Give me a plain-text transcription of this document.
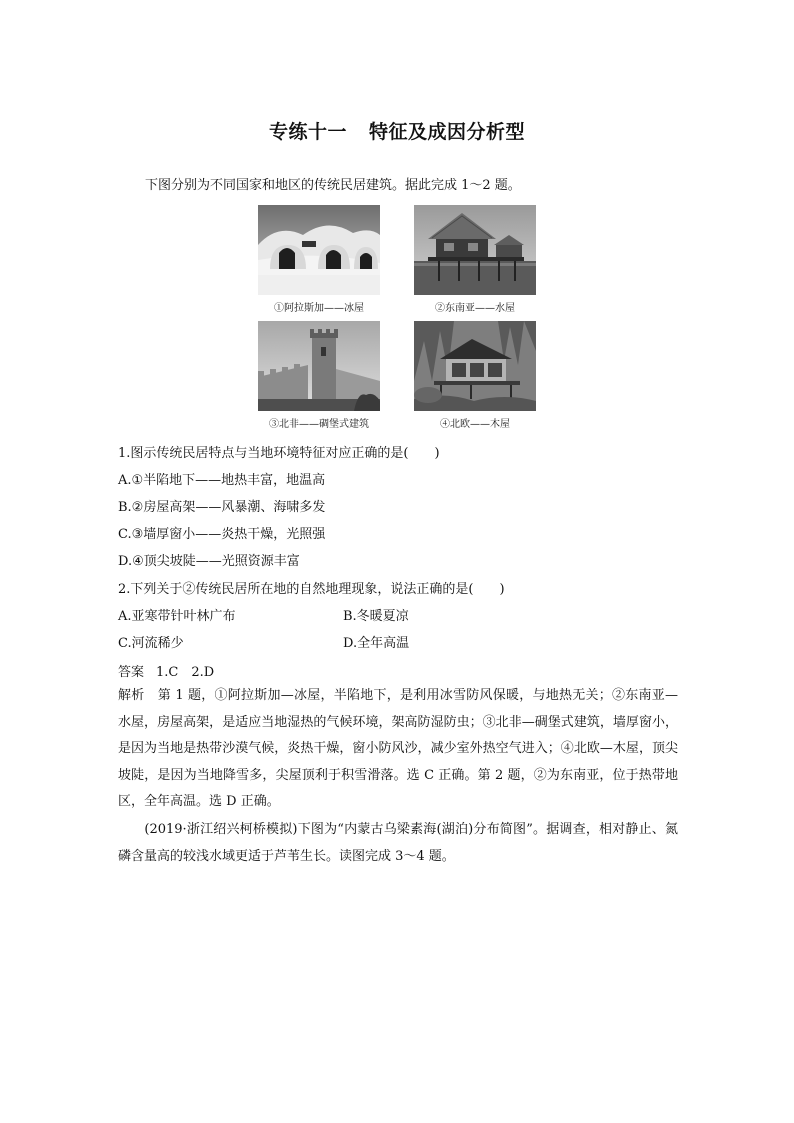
专练十一 特征及成因分析型
下图分别为不同国家和地区的传统民居建筑。据此完成 1～2 题。
①阿拉斯加——冰屋	②东南亚——水屋
③北非——碉堡式建筑	④北欧——木屋
1.图示传统民居特点与当地环境特征对应正确的是(　　)
A.①半陷地下——地热丰富，地温高
B.②房屋高架——风暴潮、海啸多发
C.③墙厚窗小——炎热干燥，光照强
D.④顶尖坡陡——光照资源丰富
2.下列关于②传统民居所在地的自然地理现象，说法正确的是(　　)
A.亚寒带针叶林广布	B.冬暖夏凉
C.河流稀少	D.全年高温
答案 1.C　2.D
解析　第 1 题，①阿拉斯加—冰屋，半陷地下，是利用冰雪防风保暖，与地热无关；②东南亚—水屋，房屋高架，是适应当地湿热的气候环境，架高防湿防虫；③北非—碉堡式建筑，墙厚窗小，是因为当地是热带沙漠气候，炎热干燥，窗小防风沙，减少室外热空气进入；④北欧—木屋，顶尖坡陡，是因为当地降雪多，尖屋顶利于积雪滑落。选 C 正确。第 2 题，②为东南亚，位于热带地区，全年高温。选 D 正确。
　　(2019·浙江绍兴柯桥模拟)下图为“内蒙古乌梁素海(湖泊)分布简图”。据调查，相对静止、氮磷含量高的较浅水域更适于芦苇生长。读图完成 3～4 题。
